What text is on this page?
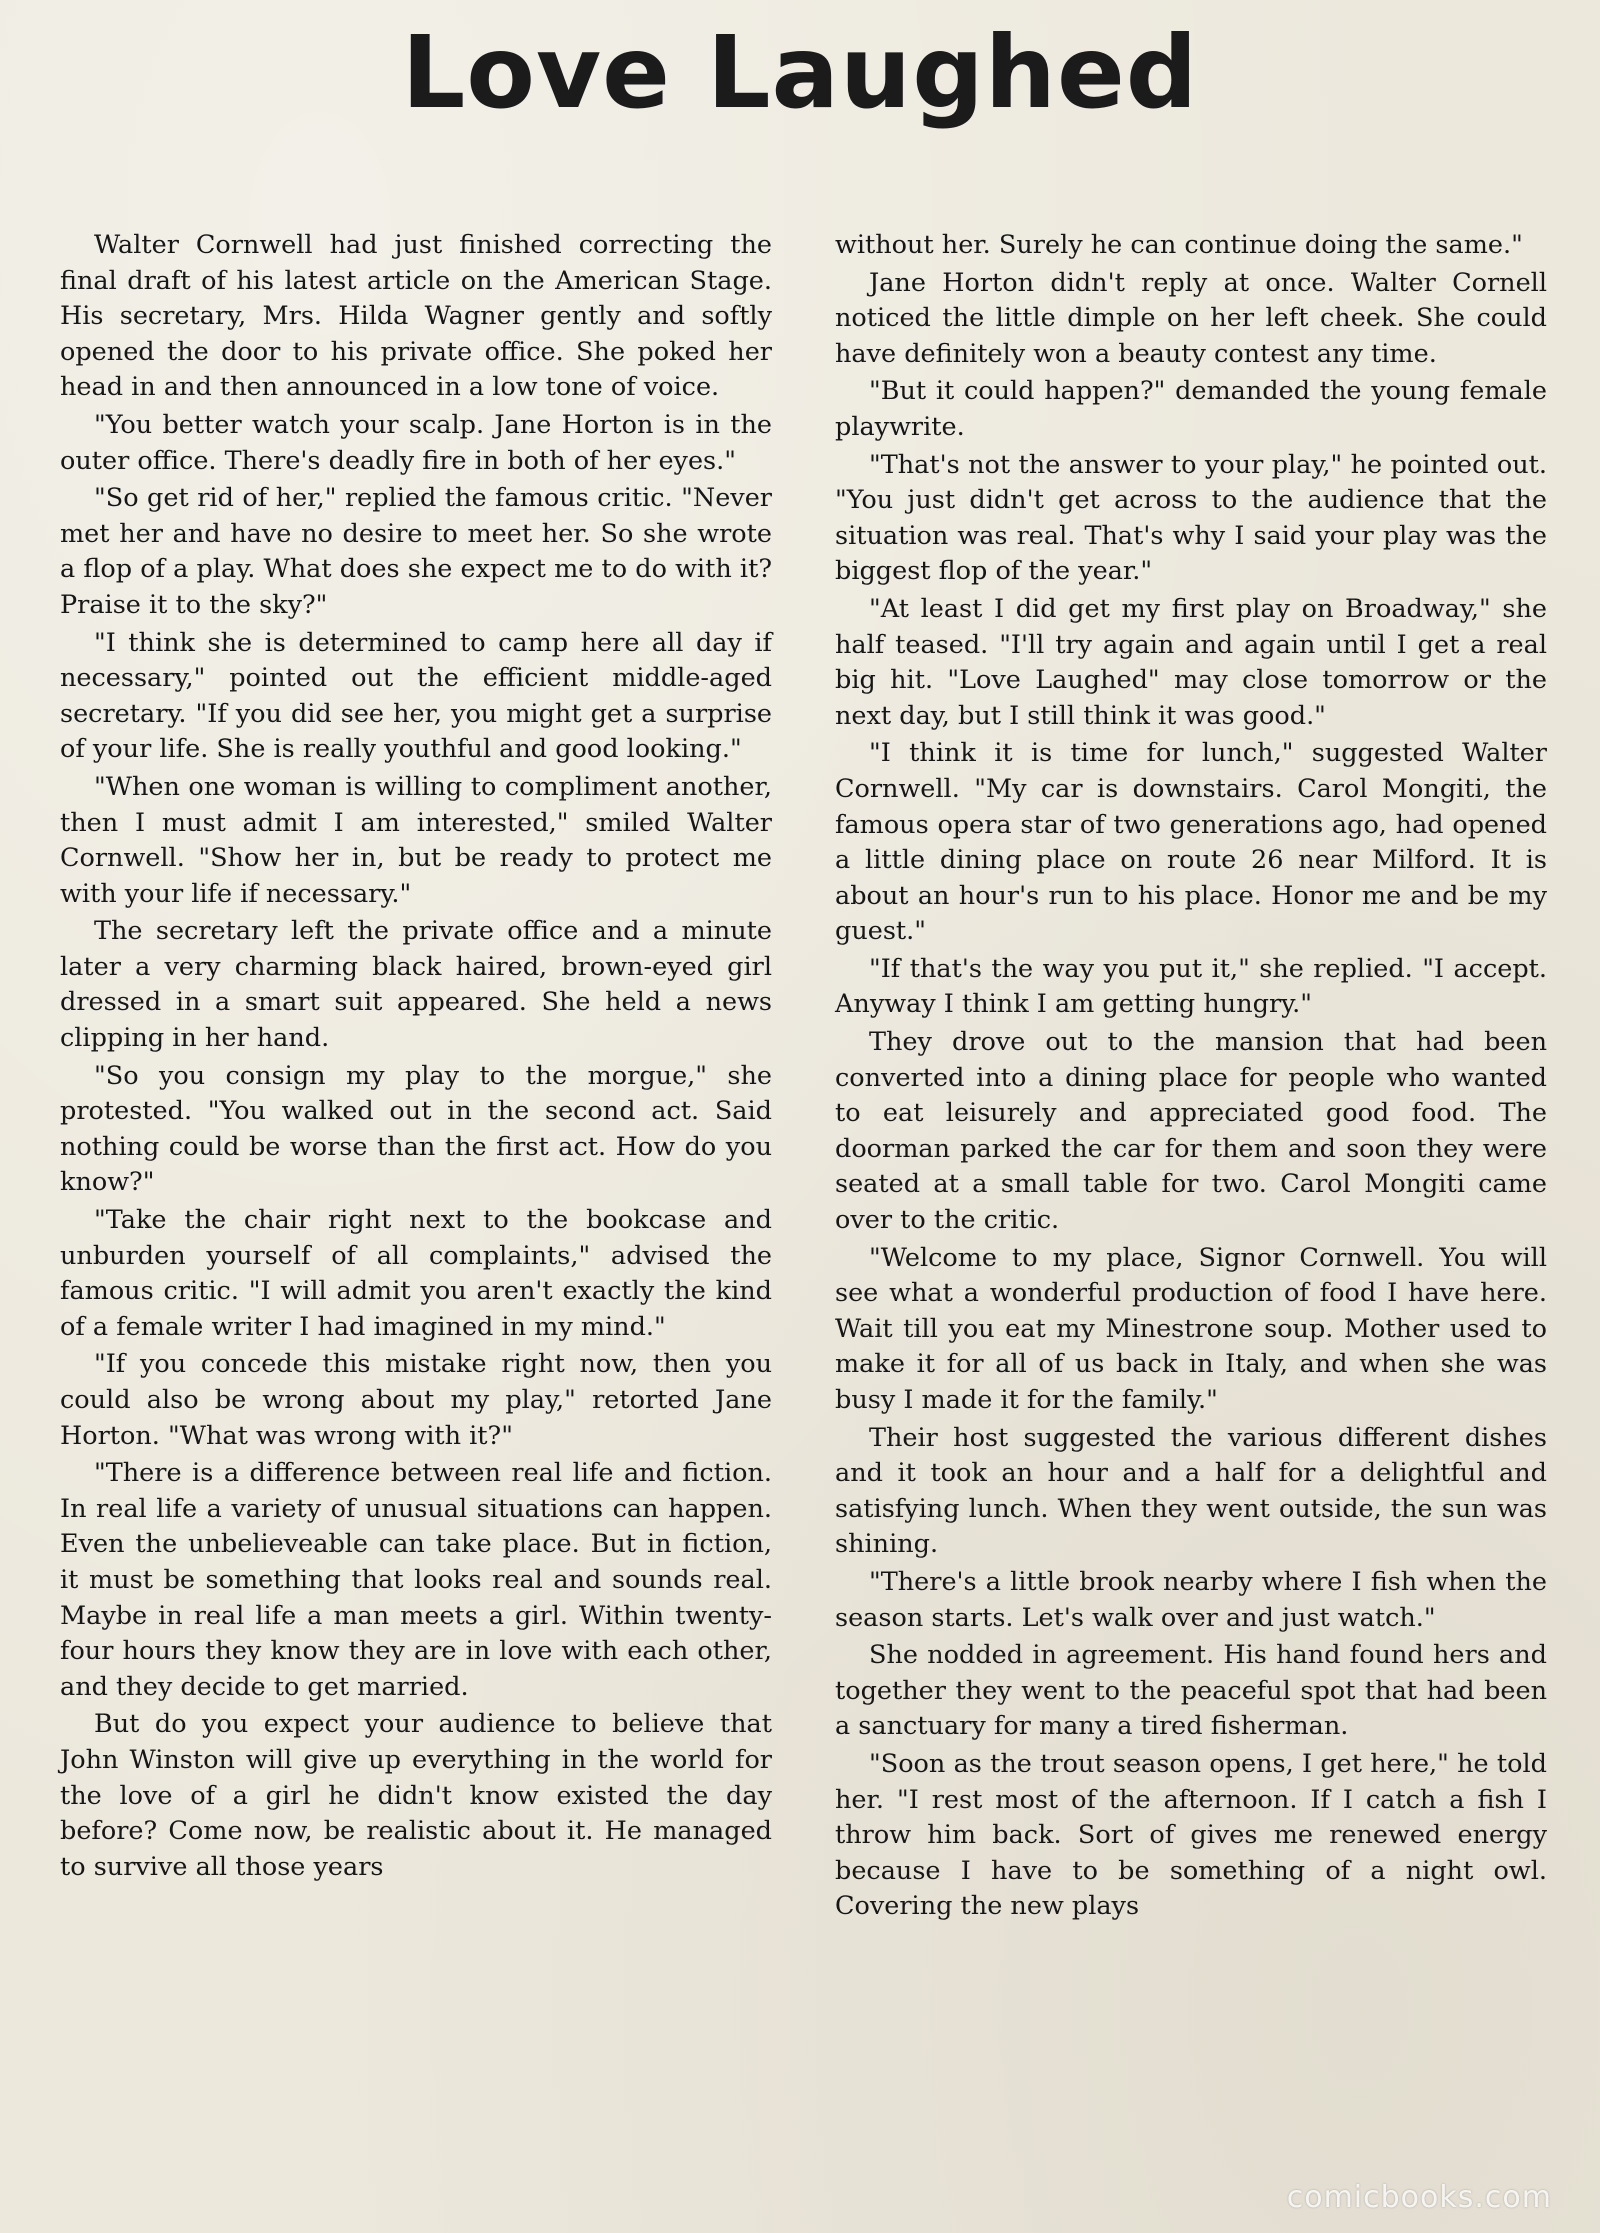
Love Laughed

Walter Cornwell had just finished correcting the final draft of his latest article on the American Stage. His secretary, Mrs. Hilda Wagner gently and softly opened the door to his private office. She poked her head in and then announced in a low tone of voice.

"You better watch your scalp. Jane Horton is in the outer office. There's deadly fire in both of her eyes."

"So get rid of her," replied the famous critic. "Never met her and have no desire to meet her. So she wrote a flop of a play. What does she expect me to do with it? Praise it to the sky?"

"I think she is determined to camp here all day if necessary," pointed out the efficient middle-aged secretary. "If you did see her, you might get a surprise of your life. She is really youthful and good looking."

"When one woman is willing to compliment another, then I must admit I am interested," smiled Walter Cornwell. "Show her in, but be ready to protect me with your life if necessary."

The secretary left the private office and a minute later a very charming black haired, brown-eyed girl dressed in a smart suit appeared. She held a news clipping in her hand.

"So you consign my play to the morgue," she protested. "You walked out in the second act. Said nothing could be worse than the first act. How do you know?"

"Take the chair right next to the bookcase and unburden yourself of all complaints," advised the famous critic. "I will admit you aren't exactly the kind of a female writer I had imagined in my mind."

"If you concede this mistake right now, then you could also be wrong about my play," retorted Jane Horton. "What was wrong with it?"

"There is a difference between real life and fiction. In real life a variety of unusual situations can happen. Even the unbelieveable can take place. But in fiction, it must be something that looks real and sounds real. Maybe in real life a man meets a girl. Within twenty-four hours they know they are in love with each other, and they decide to get married.

But do you expect your audience to believe that John Winston will give up everything in the world for the love of a girl he didn't know existed the day before? Come now, be realistic about it. He managed to survive all those years

without her. Surely he can continue doing the same."

Jane Horton didn't reply at once. Walter Cornell noticed the little dimple on her left cheek. She could have definitely won a beauty contest any time.

"But it could happen?" demanded the young female playwrite.

"That's not the answer to your play," he pointed out. "You just didn't get across to the audience that the situation was real. That's why I said your play was the biggest flop of the year."

"At least I did get my first play on Broadway," she half teased. "I'll try again and again until I get a real big hit. "Love Laughed" may close tomorrow or the next day, but I still think it was good."

"I think it is time for lunch," suggested Walter Cornwell. "My car is downstairs. Carol Mongiti, the famous opera star of two generations ago, had opened a little dining place on route 26 near Milford. It is about an hour's run to his place. Honor me and be my guest."

"If that's the way you put it," she replied. "I accept. Anyway I think I am getting hungry."

They drove out to the mansion that had been converted into a dining place for people who wanted to eat leisurely and appreciated good food. The doorman parked the car for them and soon they were seated at a small table for two. Carol Mongiti came over to the critic.

"Welcome to my place, Signor Cornwell. You will see what a wonderful production of food I have here. Wait till you eat my Minestrone soup. Mother used to make it for all of us back in Italy, and when she was busy I made it for the family."

Their host suggested the various different dishes and it took an hour and a half for a delightful and satisfying lunch. When they went outside, the sun was shining.

"There's a little brook nearby where I fish when the season starts. Let's walk over and just watch."

She nodded in agreement. His hand found hers and together they went to the peaceful spot that had been a sanctuary for many a tired fisherman.

"Soon as the trout season opens, I get here," he told her. "I rest most of the afternoon. If I catch a fish I throw him back. Sort of gives me renewed energy because I have to be something of a night owl. Covering the new plays

comicbooks.com
